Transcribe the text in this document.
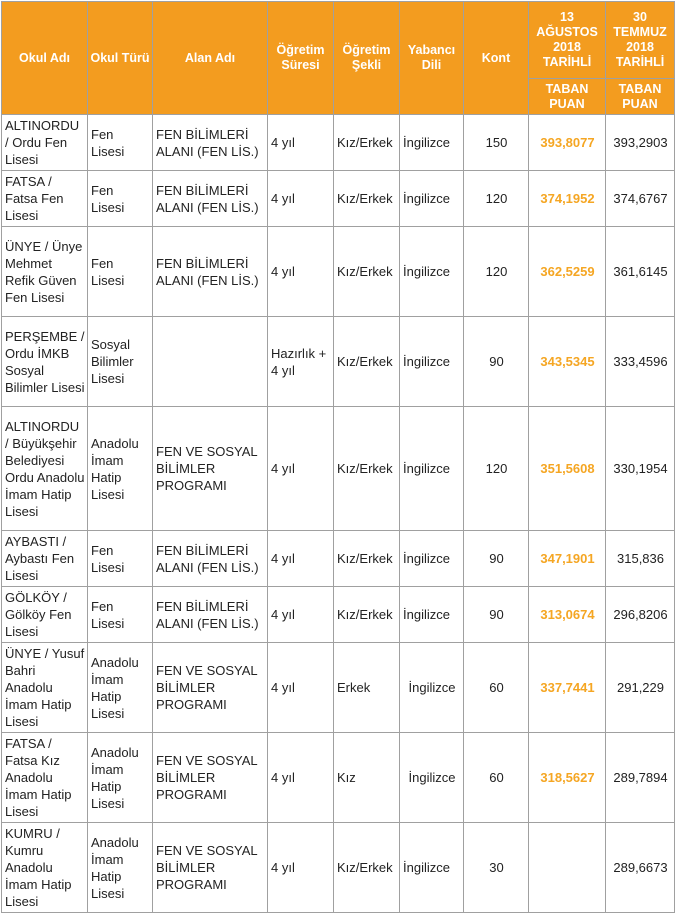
Okul Adı	Okul Türü	Alan Adı	Öğretim Süresi	Öğretim Şekli	Yabancı Dili	Kont	13 AĞUSTOS 2018 TARİHLİ	30 TEMMUZ 2018 TARİHLİ
							TABAN PUAN	TABAN PUAN
ALTINORDU / Ordu Fen Lisesi	Fen Lisesi	FEN BİLİMLERİ ALANI (FEN LİS.)	4 yıl	Kız/Erkek	İngilizce	150	393,8077	393,2903
FATSA / Fatsa Fen Lisesi	Fen Lisesi	FEN BİLİMLERİ ALANI (FEN LİS.)	4 yıl	Kız/Erkek	İngilizce	120	374,1952	374,6767
ÜNYE / Ünye Mehmet Refik Güven Fen Lisesi	Fen Lisesi	FEN BİLİMLERİ ALANI (FEN LİS.)	4 yıl	Kız/Erkek	İngilizce	120	362,5259	361,6145
PERŞEMBE / Ordu İMKB Sosyal Bilimler Lisesi	Sosyal Bilimler Lisesi		Hazırlık + 4 yıl	Kız/Erkek	İngilizce	90	343,5345	333,4596
ALTINORDU / Büyükşehir Belediyesi Ordu Anadolu İmam Hatip Lisesi	Anadolu İmam Hatip Lisesi	FEN VE SOSYAL BİLİMLER PROGRAMI	4 yıl	Kız/Erkek	İngilizce	120	351,5608	330,1954
AYBASTI / Aybastı Fen Lisesi	Fen Lisesi	FEN BİLİMLERİ ALANI (FEN LİS.)	4 yıl	Kız/Erkek	İngilizce	90	347,1901	315,836
GÖLKÖY / Gölköy Fen Lisesi	Fen Lisesi	FEN BİLİMLERİ ALANI (FEN LİS.)	4 yıl	Kız/Erkek	İngilizce	90	313,0674	296,8206
ÜNYE / Yusuf Bahri Anadolu İmam Hatip Lisesi	Anadolu İmam Hatip Lisesi	FEN VE SOSYAL BİLİMLER PROGRAMI	4 yıl	Erkek	İngilizce	60	337,7441	291,229
FATSA / Fatsa Kız Anadolu İmam Hatip Lisesi	Anadolu İmam Hatip Lisesi	FEN VE SOSYAL BİLİMLER PROGRAMI	4 yıl	Kız	İngilizce	60	318,5627	289,7894
KUMRU / Kumru Anadolu İmam Hatip Lisesi	Anadolu İmam Hatip Lisesi	FEN VE SOSYAL BİLİMLER PROGRAMI	4 yıl	Kız/Erkek	İngilizce	30		289,6673
